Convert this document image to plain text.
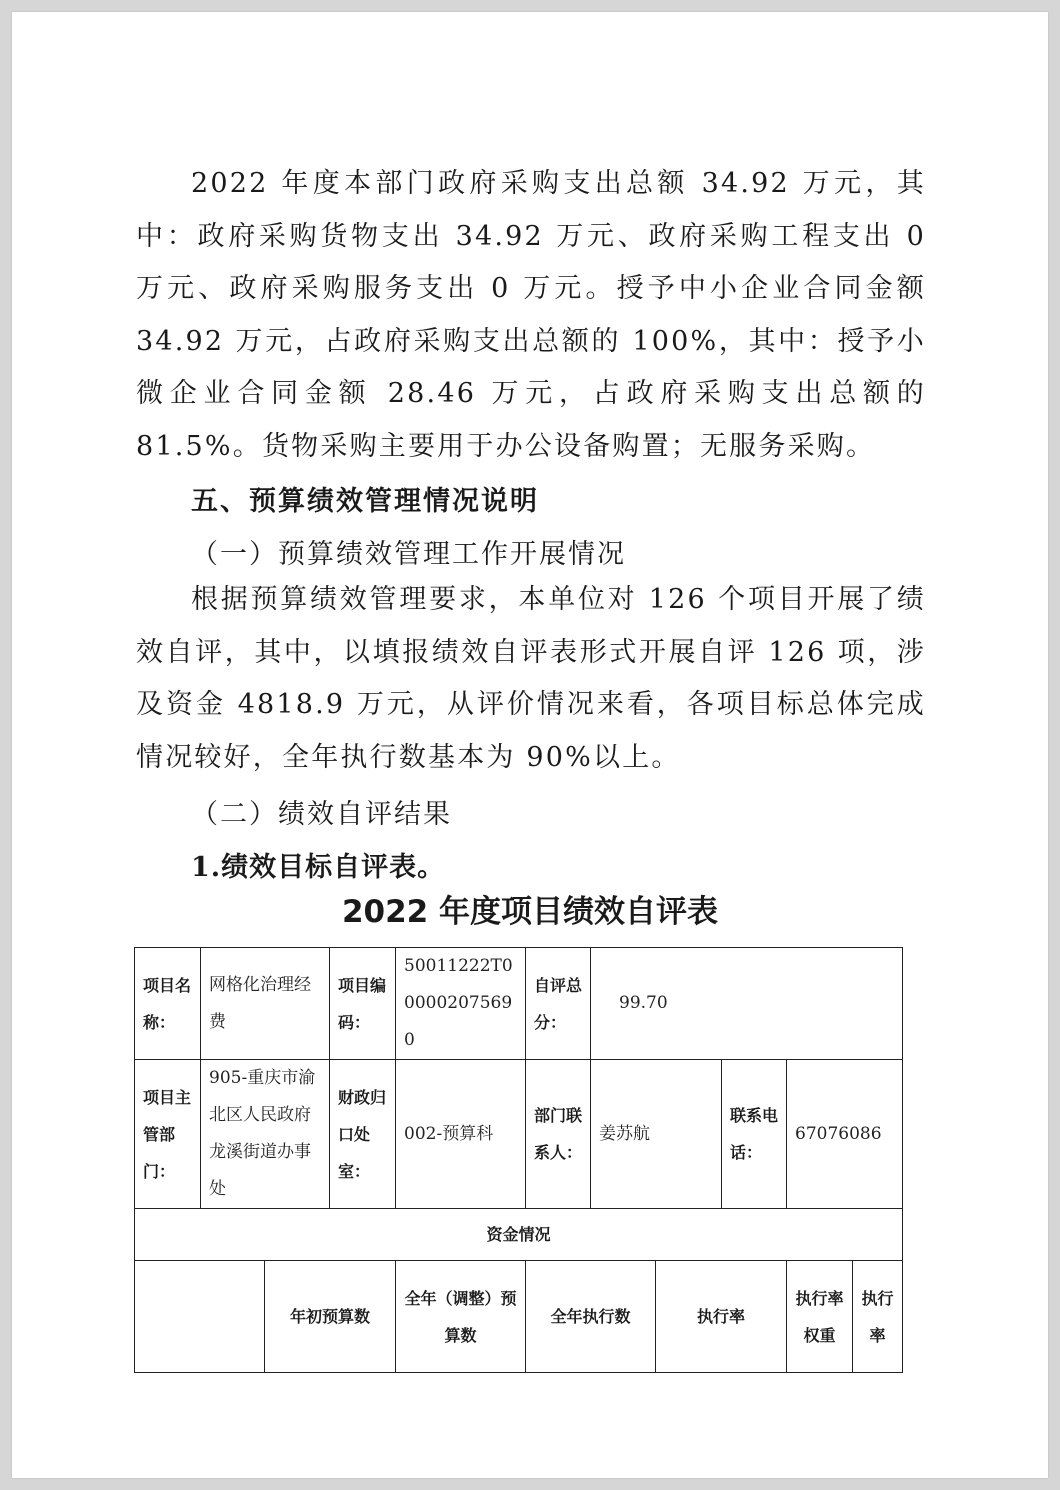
2022 年度本部门政府采购支出总额 34.92 万元，其中：政府采购货物支出 34.92 万元、政府采购工程支出 0 万元、政府采购服务支出 0 万元。授予中小企业合同金额 34.92 万元，占政府采购支出总额的 100%，其中：授予小微企业合同金额 28.46 万元，占政府采购支出总额的 81.5%。货物采购主要用于办公设备购置；无服务采购。

五、预算绩效管理情况说明

（一）预算绩效管理工作开展情况

根据预算绩效管理要求，本单位对 126 个项目开展了绩效自评，其中，以填报绩效自评表形式开展自评 126 项，涉及资金 4818.9 万元，从评价情况来看，各项目标总体完成情况较好，全年执行数基本为 90%以上。

（二）绩效自评结果

1.绩效目标自评表。

2022 年度项目绩效自评表

项目名称：	网格化治理经费		项目编码：	50011222T000002075690	自评总分：	99.70				
项目主管部门：	905-重庆市渝北区人民政府龙溪街道办事处		财政归口处室：	002-预算科	部门联系人：	姜苏航		联系电话：	67076086	
资金情况										
		年初预算数		全年（调整）预算数	全年执行数		执行率		执行率权重	执行率
